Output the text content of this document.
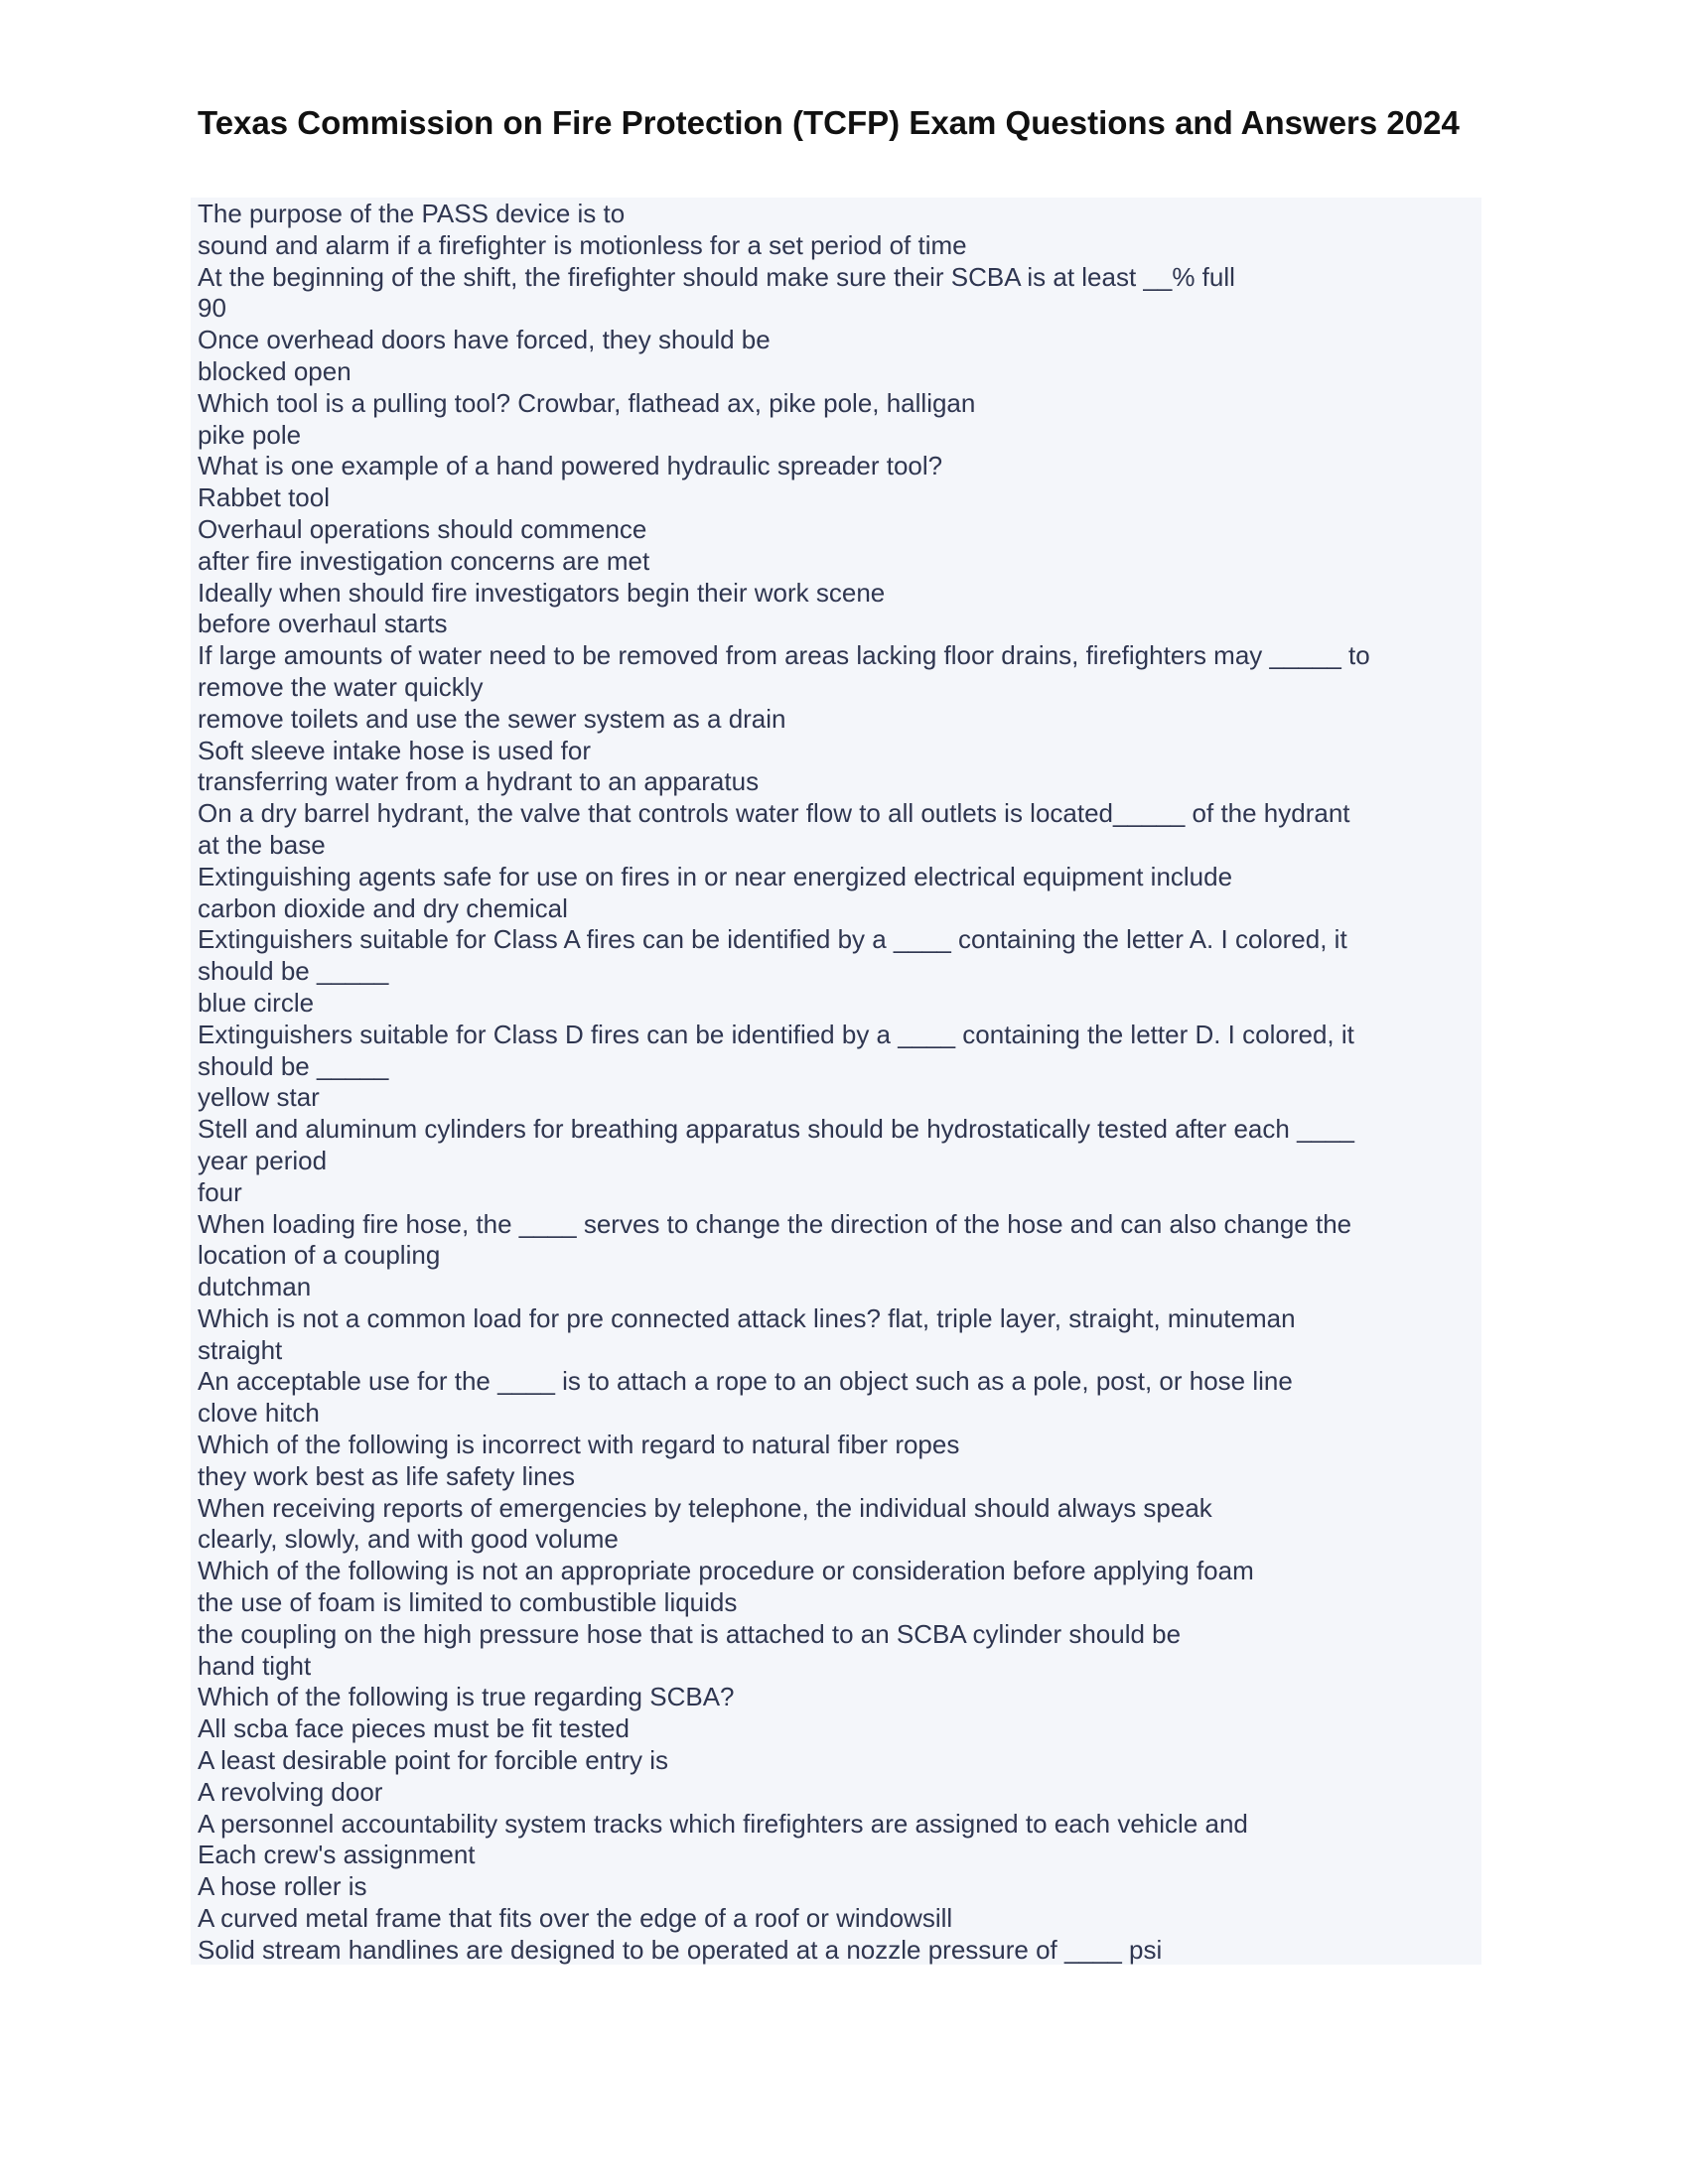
Texas Commission on Fire Protection (TCFP) Exam Questions and Answers 2024
The purpose of the PASS device is to
sound and alarm if a firefighter is motionless for a set period of time
At the beginning of the shift, the firefighter should make sure their SCBA is at least __% full
90
Once overhead doors have forced, they should be
blocked open
Which tool is a pulling tool? Crowbar, flathead ax, pike pole, halligan
pike pole
What is one example of a hand powered hydraulic spreader tool?
Rabbet tool
Overhaul operations should commence
after fire investigation concerns are met
Ideally when should fire investigators begin their work scene
before overhaul starts
If large amounts of water need to be removed from areas lacking floor drains, firefighters may _____ to
remove the water quickly
remove toilets and use the sewer system as a drain
Soft sleeve intake hose is used for
transferring water from a hydrant to an apparatus
On a dry barrel hydrant, the valve that controls water flow to all outlets is located_____ of the hydrant
at the base
Extinguishing agents safe for use on fires in or near energized electrical equipment include
carbon dioxide and dry chemical
Extinguishers suitable for Class A fires can be identified by a ____ containing the letter A. I colored, it
should be _____
blue circle
Extinguishers suitable for Class D fires can be identified by a ____ containing the letter D. I colored, it
should be _____
yellow star
Stell and aluminum cylinders for breathing apparatus should be hydrostatically tested after each ____
year period
four
When loading fire hose, the ____ serves to change the direction of the hose and can also change the
location of a coupling
dutchman
Which is not a common load for pre connected attack lines? flat, triple layer, straight, minuteman
straight
An acceptable use for the ____ is to attach a rope to an object such as a pole, post, or hose line
clove hitch
Which of the following is incorrect with regard to natural fiber ropes
they work best as life safety lines
When receiving reports of emergencies by telephone, the individual should always speak
clearly, slowly, and with good volume
Which of the following is not an appropriate procedure or consideration before applying foam
the use of foam is limited to combustible liquids
the coupling on the high pressure hose that is attached to an SCBA cylinder should be
hand tight
Which of the following is true regarding SCBA?
All scba face pieces must be fit tested
A least desirable point for forcible entry is
A revolving door
A personnel accountability system tracks which firefighters are assigned to each vehicle and
Each crew's assignment
A hose roller is
A curved metal frame that fits over the edge of a roof or windowsill
Solid stream handlines are designed to be operated at a nozzle pressure of ____ psi
